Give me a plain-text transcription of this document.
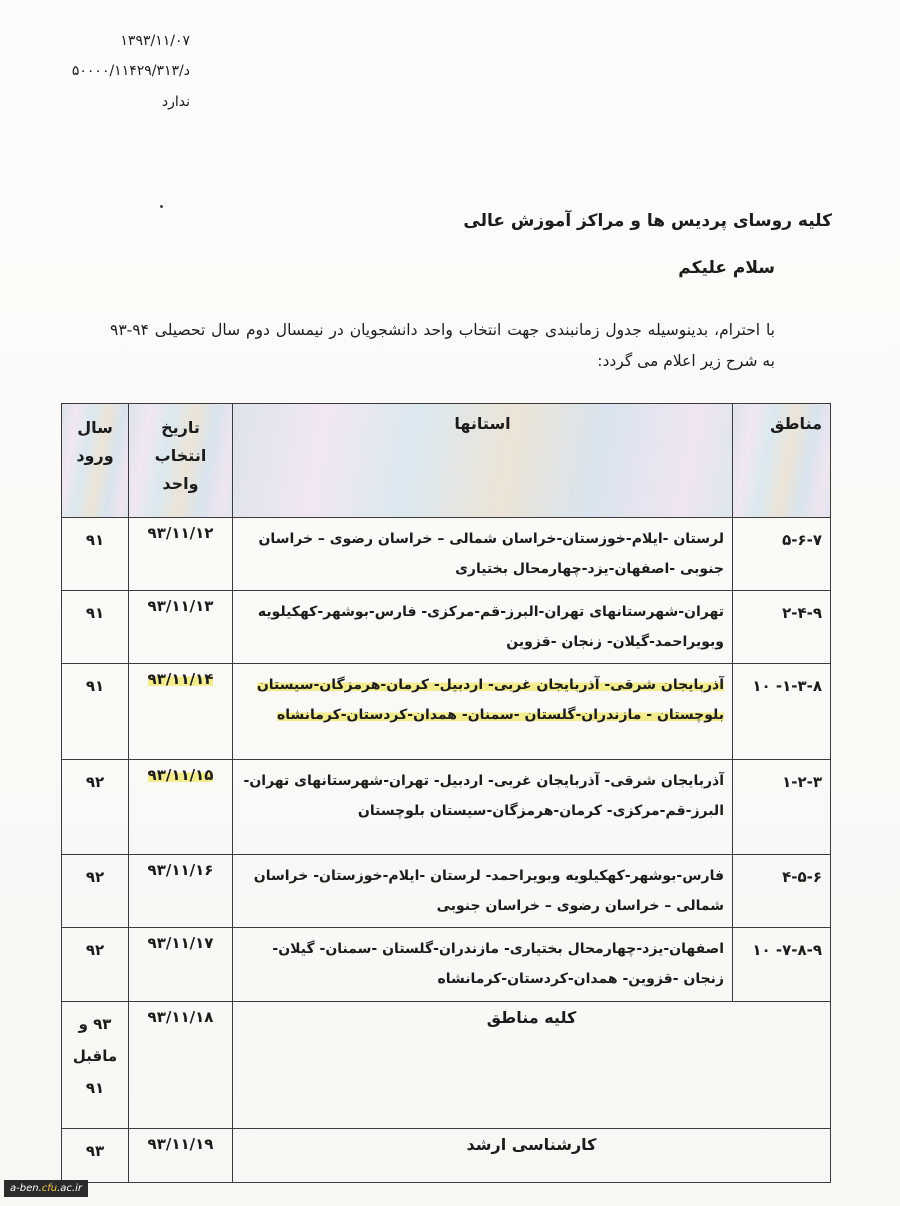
۱۳۹۳/۱۱/۰۷
د/۵۰۰۰۰/۱۱۴۲۹/۳۱۳
ندارد
کلیه روسای پردیس ها و مراکز آموزش عالی
سلام علیکم
با احترام، بدینوسیله جدول زمانبندی جهت انتخاب واحد دانشجویان در نیمسال دوم سال تحصیلی ۹۴-۹۳ به شرح زیر اعلام می گردد:
مناطق	استانها	تاریخ انتخاب واحد	سال ورود
۵-۶-۷	لرستان -ایلام-خوزستان-خراسان شمالی – خراسان رضوی – خراسان جنوبی -اصفهان-یزد-چهارمحال بختیاری	۹۳/۱۱/۱۲	۹۱
۲-۴-۹	تهران-شهرستانهای تهران-البرز-قم-مرکزی- فارس-بوشهر-کهکیلویه وبویراحمد-گیلان- زنجان -قزوین	۹۳/۱۱/۱۳	۹۱
۱-۳-۸- ۱۰	آذربایجان شرقی- آذربایجان غربی- اردبیل- کرمان-هرمزگان-سیستان بلوچستان - مازندران-گلستان -سمنان- همدان-کردستان-کرمانشاه	۹۳/۱۱/۱۴	۹۱
۱-۲-۳	آذربایجان شرقی- آذربایجان غربی- اردبیل- تهران-شهرستانهای تهران-البرز-قم-مرکزی- کرمان-هرمزگان-سیستان بلوچستان	۹۳/۱۱/۱۵	۹۲
۴-۵-۶	فارس-بوشهر-کهکیلویه وبویراحمد- لرستان -ایلام-خوزستان- خراسان شمالی – خراسان رضوی – خراسان جنوبی	۹۳/۱۱/۱۶	۹۲
۷-۸-۹- ۱۰	اصفهان-یزد-چهارمحال بختیاری- مازندران-گلستان -سمنان- گیلان- زنجان -قزوین- همدان-کردستان-کرمانشاه	۹۳/۱۱/۱۷	۹۲
کلیه مناطق		۹۳/۱۱/۱۸	۹۳ و ماقبل ۹۱
کارشناسی ارشد		۹۳/۱۱/۱۹	۹۳
a-ben.cfu.ac.ir
